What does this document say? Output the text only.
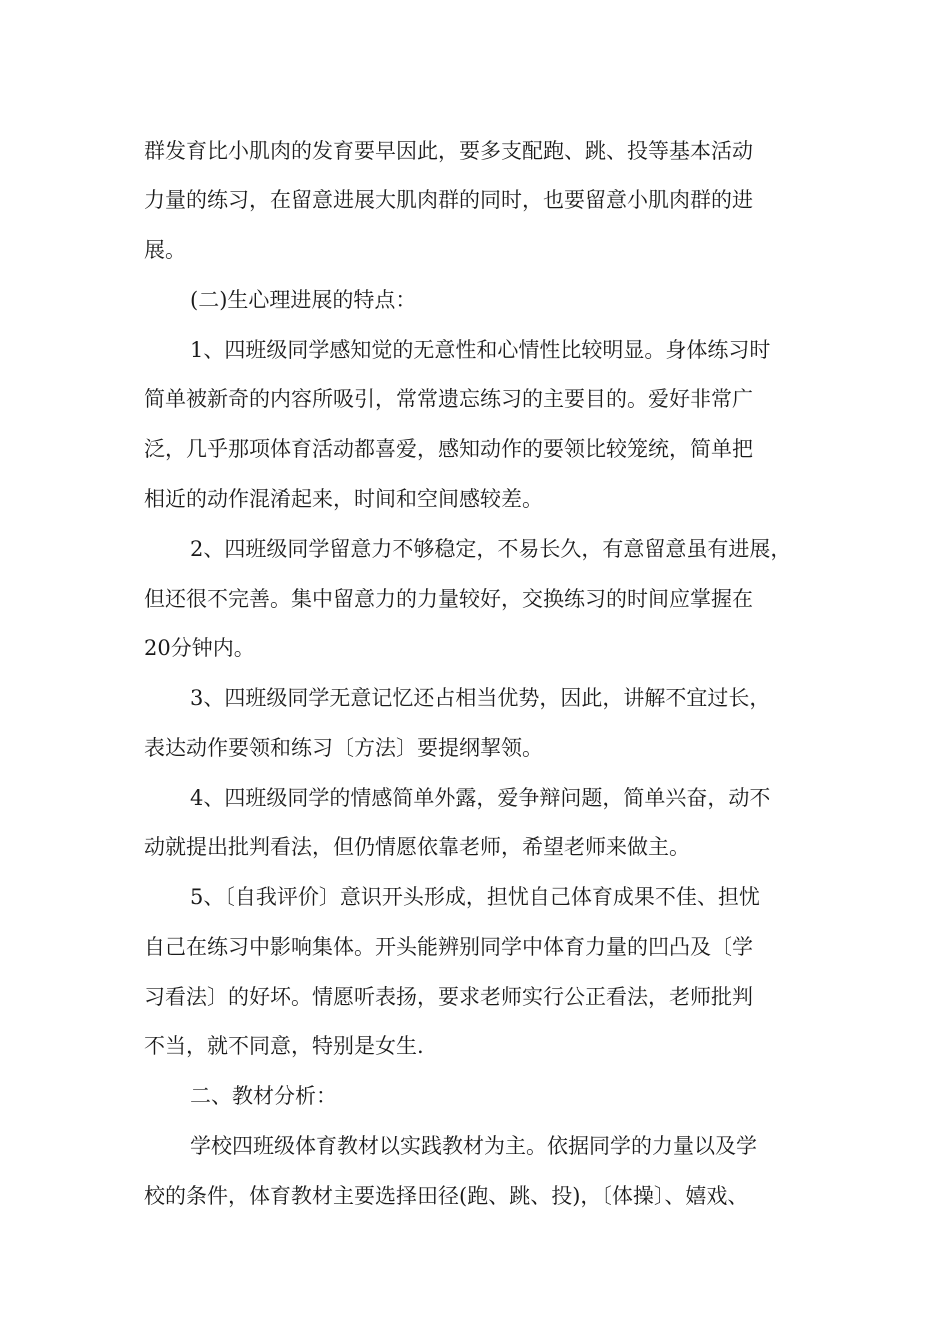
群发育比小肌肉的发育要早因此，要多支配跑、跳、投等基本活动
力量的练习，在留意进展大肌肉群的同时，也要留意小肌肉群的进
展。
(二)生心理进展的特点：
1、四班级同学感知觉的无意性和心情性比较明显。身体练习时
简单被新奇的内容所吸引，常常遗忘练习的主要目的。爱好非常广
泛，几乎那项体育活动都喜爱，感知动作的要领比较笼统，简单把
相近的动作混淆起来，时间和空间感较差。
2、四班级同学留意力不够稳定，不易长久，有意留意虽有进展，
但还很不完善。集中留意力的力量较好，交换练习的时间应掌握在
20分钟内。
3、四班级同学无意记忆还占相当优势，因此，讲解不宜过长，
表达动作要领和练习〔方法〕要提纲挈领。
4、四班级同学的情感简单外露，爱争辩问题，简单兴奋，动不
动就提出批判看法，但仍情愿依靠老师，希望老师来做主。
5、〔自我评价〕意识开头形成，担忧自己体育成果不佳、担忧
自己在练习中影响集体。开头能辨别同学中体育力量的凹凸及〔学
习看法〕的好坏。情愿听表扬，要求老师实行公正看法，老师批判
不当，就不同意，特别是女生.
二、教材分析：
学校四班级体育教材以实践教材为主。依据同学的力量以及学
校的条件，体育教材主要选择田径(跑、跳、投)，〔体操〕、嬉戏、
